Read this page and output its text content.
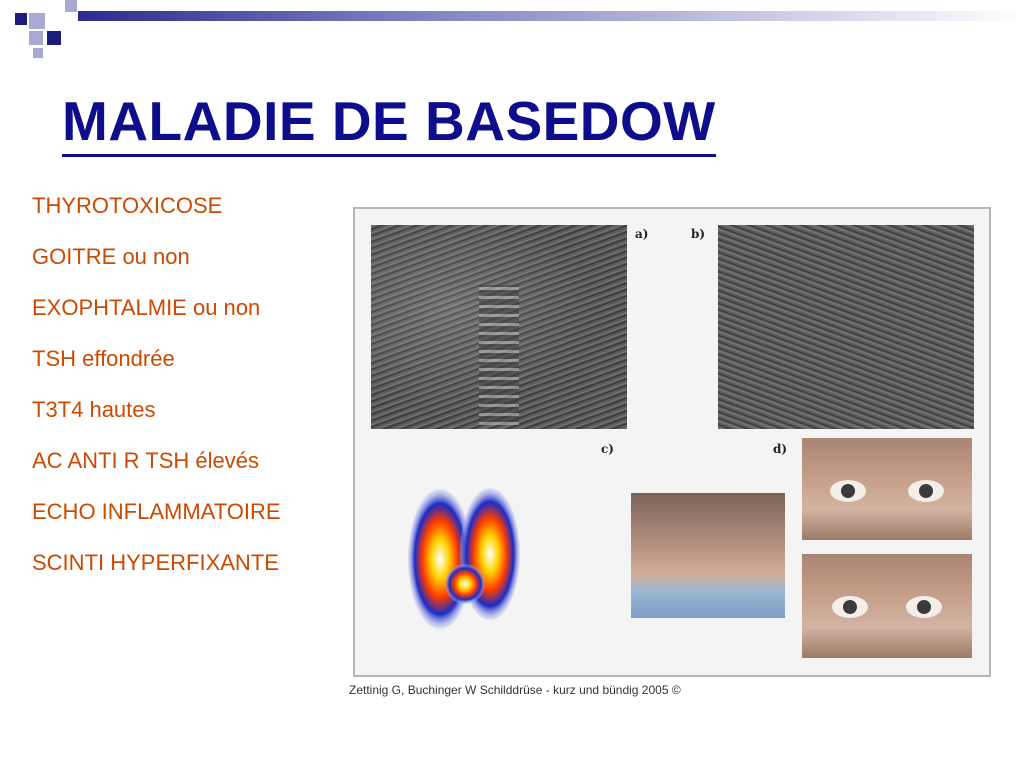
MALADIE DE BASEDOW
THYROTOXICOSE
GOITRE ou non
EXOPHTALMIE ou non
TSH effondrée
T3T4 hautes
AC ANTI R TSH élevés
ECHO INFLAMMATOIRE
SCINTI HYPERFIXANTE
a)	b)
c)	d)
Zettinig G, Buchinger W Schilddrüse - kurz und bündig 2005 ©
